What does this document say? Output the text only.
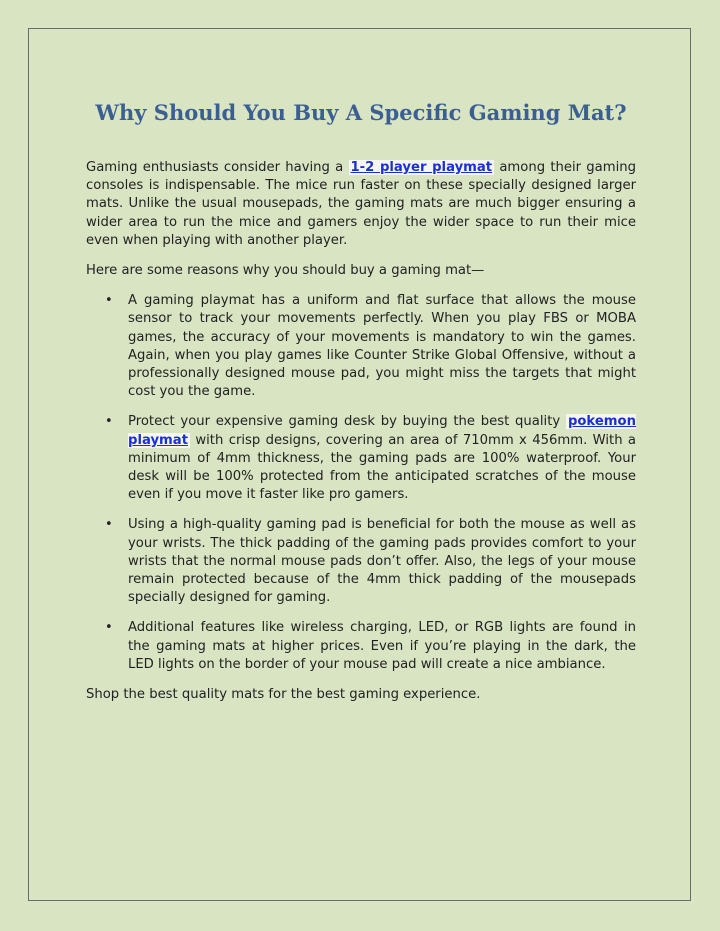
Why Should You Buy A Specific Gaming Mat?

Gaming enthusiasts consider having a 1-2 player playmat among their gaming consoles is indispensable. The mice run faster on these specially designed larger mats. Unlike the usual mousepads, the gaming mats are much bigger ensuring a wider area to run the mice and gamers enjoy the wider space to run their mice even when playing with another player.

Here are some reasons why you should buy a gaming mat—

• A gaming playmat has a uniform and flat surface that allows the mouse sensor to track your movements perfectly. When you play FBS or MOBA games, the accuracy of your movements is mandatory to win the games. Again, when you play games like Counter Strike Global Offensive, without a professionally designed mouse pad, you might miss the targets that might cost you the game.
• Protect your expensive gaming desk by buying the best quality pokemon playmat with crisp designs, covering an area of 710mm x 456mm. With a minimum of 4mm thickness, the gaming pads are 100% waterproof. Your desk will be 100% protected from the anticipated scratches of the mouse even if you move it faster like pro gamers.
• Using a high-quality gaming pad is beneficial for both the mouse as well as your wrists. The thick padding of the gaming pads provides comfort to your wrists that the normal mouse pads don’t offer. Also, the legs of your mouse remain protected because of the 4mm thick padding of the mousepads specially designed for gaming.
• Additional features like wireless charging, LED, or RGB lights are found in the gaming mats at higher prices. Even if you’re playing in the dark, the LED lights on the border of your mouse pad will create a nice ambiance.

Shop the best quality mats for the best gaming experience.
